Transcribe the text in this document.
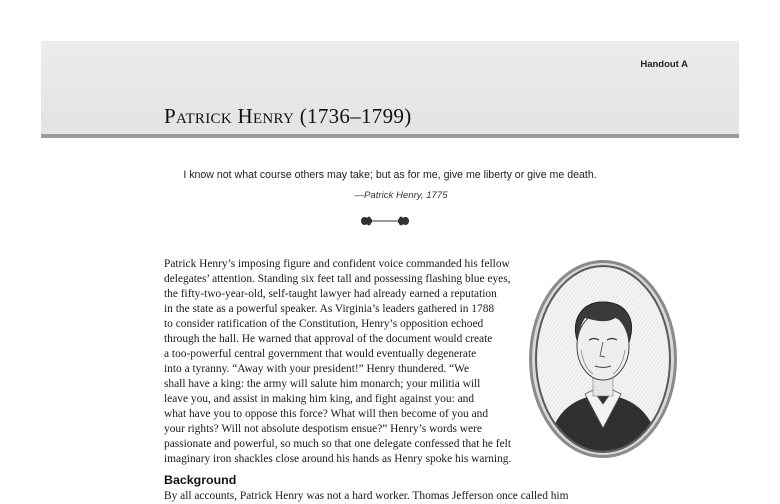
Handout A
Patrick Henry (1736–1799)
I know not what course others may take; but as for me, give me liberty or give me death.
—Patrick Henry, 1775
Patrick Henry’s imposing figure and confident voice commanded his fellow
delegates’ attention. Standing six feet tall and possessing flashing blue eyes,
the fifty-two-year-old, self-taught lawyer had already earned a reputation
in the state as a powerful speaker. As Virginia’s leaders gathered in 1788
to consider ratification of the Constitution, Henry’s opposition echoed
through the hall. He warned that approval of the document would create
a too-powerful central government that would eventually degenerate
into a tyranny. “Away with your president!” Henry thundered. “We
shall have a king: the army will salute him monarch; your militia will
leave you, and assist in making him king, and fight against you: and
what have you to oppose this force? What will then become of you and
your rights? Will not absolute despotism ensue?” Henry’s words were
passionate and powerful, so much so that one delegate confessed that he felt
imaginary iron shackles close around his hands as Henry spoke his warning.
Background
By all accounts, Patrick Henry was not a hard worker. Thomas Jefferson once called him
